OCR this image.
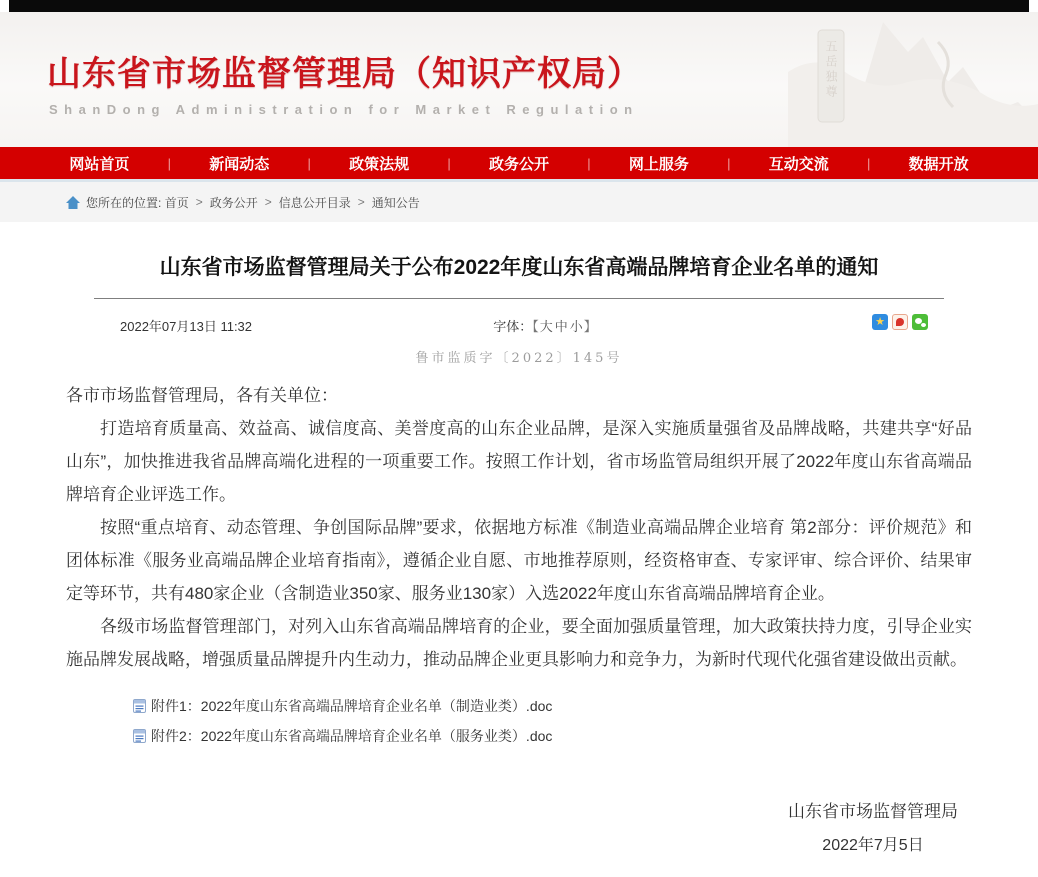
山东省市场监督管理局（知识产权局）
ShanDong Administration for Market Regulation
五岳独尊
网站首页	|	新闻动态	|	政策法规	|	政务公开	|	网上服务	|	互动交流	|	数据开放
您所在的位置:
首页 > 政务公开 > 信息公开目录 > 通知公告
山东省市场监督管理局关于公布2022年度山东省高端品牌培育企业名单的通知
2022年07月13日 11:32	字体：【大 中 小】	★
鲁市监质字〔2022〕145号

各市市场监督管理局，各有关单位：

打造培育质量高、效益高、诚信度高、美誉度高的山东企业品牌，是深入实施质量强省及品牌战略，共建共享“好品山东”，加快推进我省品牌高端化进程的一项重要工作。按照工作计划，省市场监管局组织开展了2022年度山东省高端品牌培育企业评选工作。

按照“重点培育、动态管理、争创国际品牌”要求，依据地方标准《制造业高端品牌企业培育 第2部分：评价规范》和团体标准《服务业高端品牌企业培育指南》，遵循企业自愿、市地推荐原则，经资格审查、专家评审、综合评价、结果审定等环节，共有480家企业（含制造业350家、服务业130家）入选2022年度山东省高端品牌培育企业。

各级市场监督管理部门，对列入山东省高端品牌培育的企业，要全面加强质量管理，加大政策扶持力度，引导企业实施品牌发展战略，增强质量品牌提升内生动力，推动品牌企业更具影响力和竞争力，为新时代现代化强省建设做出贡献。

附件1：2022年度山东省高端品牌培育企业名单（制造业类）.doc
附件2：2022年度山东省高端品牌培育企业名单（服务业类）.doc
山东省市场监督管理局
2022年7月5日
